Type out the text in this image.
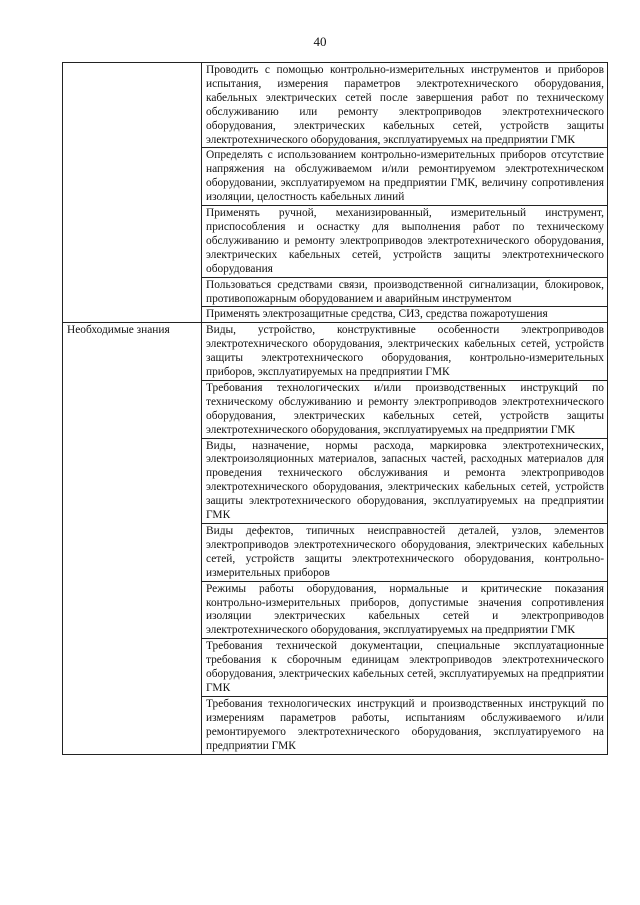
40
	Проводить с помощью контрольно-измерительных инструментов и приборов испытания, измерения параметров электротехнического оборудования, кабельных электрических сетей после завершения работ по техническому обслуживанию или ремонту электроприводов электротехнического оборудования, электрических кабельных сетей, устройств защиты электротехнического оборудования, эксплуатируемых на предприятии ГМК
	Определять с использованием контрольно-измерительных приборов отсутствие напряжения на обслуживаемом и/или ремонтируемом электротехническом оборудовании, эксплуатируемом на предприятии ГМК, величину сопротивления изоляции, целостность кабельных линий
	Применять ручной, механизированный, измерительный инструмент, приспособления и оснастку для выполнения работ по техническому обслуживанию и ремонту электроприводов электротехнического оборудования, электрических кабельных сетей, устройств защиты электротехнического оборудования
	Пользоваться средствами связи, производственной сигнализации, блокировок, противопожарным оборудованием и аварийным инструментом
	Применять электрозащитные средства, СИЗ, средства пожаротушения
Необходимые знания	Виды, устройство, конструктивные особенности электроприводов электротехнического оборудования, электрических кабельных сетей, устройств защиты электротехнического оборудования, контрольно-измерительных приборов, эксплуатируемых на предприятии ГМК
	Требования технологических и/или производственных инструкций по техническому обслуживанию и ремонту электроприводов электротехнического оборудования, электрических кабельных сетей, устройств защиты электротехнического оборудования, эксплуатируемых на предприятии ГМК
	Виды, назначение, нормы расхода, маркировка электротехнических, электроизоляционных материалов, запасных частей, расходных материалов для проведения технического обслуживания и ремонта электроприводов электротехнического оборудования, электрических кабельных сетей, устройств защиты электротехнического оборудования, эксплуатируемых на предприятии ГМК
	Виды дефектов, типичных неисправностей деталей, узлов, элементов электроприводов электротехнического оборудования, электрических кабельных сетей, устройств защиты электротехнического оборудования, контрольно-измерительных приборов
	Режимы работы оборудования, нормальные и критические показания контрольно-измерительных приборов, допустимые значения сопротивления изоляции электрических кабельных сетей и электроприводов электротехнического оборудования, эксплуатируемых на предприятии ГМК
	Требования технической документации, специальные эксплуатационные требования к сборочным единицам электроприводов электротехнического оборудования, электрических кабельных сетей, эксплуатируемых на предприятии ГМК
	Требования технологических инструкций и производственных инструкций по измерениям параметров работы, испытаниям обслуживаемого и/или ремонтируемого электротехнического оборудования, эксплуатируемого на предприятии ГМК
